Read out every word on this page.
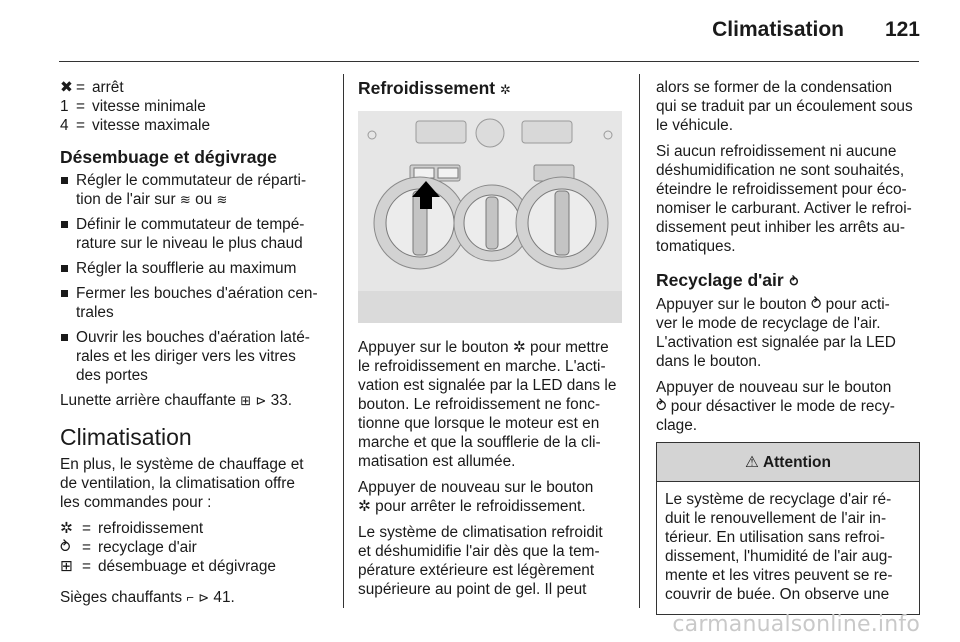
Climatisation 121
✖ = arrêt
1 = vitesse minimale
4 = vitesse maximale
Désembuage et dégivrage
Régler le commutateur de réparti-
tion de l'air sur ≋ ou ≋
Définir le commutateur de tempé-
rature sur le niveau le plus chaud
Régler la soufflerie au maximum
Fermer les bouches d'aération cen-
trales
Ouvrir les bouches d'aération laté-
rales et les diriger vers les vitres
des portes

Lunette arrière chauffante ⊞ ⊳ 33.

Climatisation

En plus, le système de chauffage et
de ventilation, la climatisation offre
les commandes pour :

✲ = refroidissement
⥁ = recyclage d'air
⊞ = désembuage et dégivrage

Sièges chauffants ⌐ ⊳ 41.

Refroidissement ✲

Appuyer sur le bouton ✲ pour mettre
le refroidissement en marche. L'acti-
vation est signalée par la LED dans le
bouton. Le refroidissement ne fonc-
tionne que lorsque le moteur est en
marche et que la soufflerie de la cli-
matisation est allumée.

Appuyer de nouveau sur le bouton
✲ pour arrêter le refroidissement.

Le système de climatisation refroidit
et déshumidifie l'air dès que la tem-
pérature extérieure est légèrement
supérieure au point de gel. Il peut

alors se former de la condensation
qui se traduit par un écoulement sous
le véhicule.

Si aucun refroidissement ni aucune
déshumidification ne sont souhaités,
éteindre le refroidissement pour éco-
nomiser le carburant. Activer le refroi-
dissement peut inhiber les arrêts au-
tomatiques.

Recyclage d'air ⥁

Appuyer sur le bouton ⥁ pour acti-
ver le mode de recyclage de l'air.

L'activation est signalée par la LED
dans le bouton.

Appuyer de nouveau sur le bouton
⥁ pour désactiver le mode de recy-
clage.

⚠ Attention
Le système de recyclage d'air ré-
duit le renouvellement de l'air in-
térieur. En utilisation sans refroi-
dissement, l'humidité de l'air aug-
mente et les vitres peuvent se re-
couvrir de buée. On observe une
carmanualsonline.info
